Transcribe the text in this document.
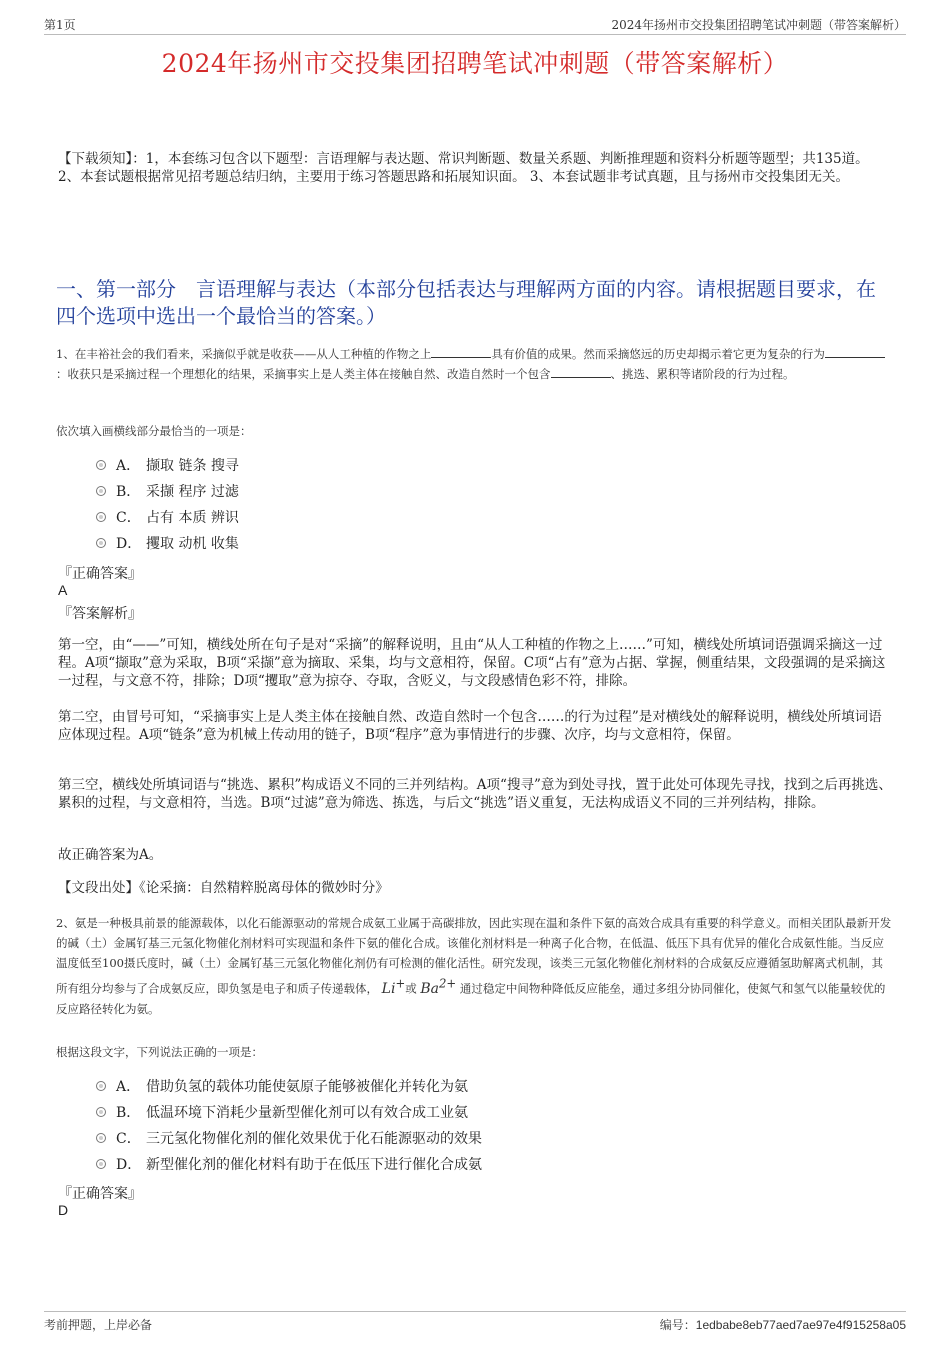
第1页	2024年扬州市交投集团招聘笔试冲刺题（带答案解析）
2024年扬州市交投集团招聘笔试冲刺题（带答案解析）
【下载须知】：1，本套练习包含以下题型：言语理解与表达题、常识判断题、数量关系题、判断推理题和资料分析题等题型；共135道。 2、本套试题根据常见招考题总结归纳，主要用于练习答题思路和拓展知识面。 3、本套试题非考试真题，且与扬州市交投集团无关。
一、第一部分　言语理解与表达（本部分包括表达与理解两方面的内容。请根据题目要求，在四个选项中选出一个最恰当的答案。）
1、在丰裕社会的我们看来，采摘似乎就是收获——从人工种植的作物之上	具有价值的成果。然而采摘悠远的历史却揭示着它更为复杂的行为：收获只是采摘过程一个理想化的结果，采摘事实上是人类主体在接触自然、改造自然时一个包含	、挑选、累积等诸阶段的行为过程。
依次填入画横线部分最恰当的一项是：
A． 撷取 链条 搜寻
B． 采撷 程序 过滤
C． 占有 本质 辨识
D． 攫取 动机 收集
『正确答案』
A
『答案解析』
第一空，由“——”可知，横线处所在句子是对“采摘”的解释说明，且由“从人工种植的作物之上……”可知，横线处所填词语强调采摘这一过程。A项“撷取”意为采取，B项“采撷”意为摘取、采集，均与文意相符，保留。C项“占有”意为占据、掌握，侧重结果，文段强调的是采摘这一过程，与文意不符，排除；D项“攫取”意为掠夺、夺取，含贬义，与文段感情色彩不符，排除。
第二空，由冒号可知，“采摘事实上是人类主体在接触自然、改造自然时一个包含……的行为过程”是对横线处的解释说明，横线处所填词语应体现过程。A项“链条”意为机械上传动用的链子，B项“程序”意为事情进行的步骤、次序，均与文意相符，保留。
第三空，横线处所填词语与“挑选、累积”构成语义不同的三并列结构。A项“搜寻”意为到处寻找，置于此处可体现先寻找，找到之后再挑选、累积的过程，与文意相符，当选。B项“过滤”意为筛选、拣选，与后文“挑选”语义重复，无法构成语义不同的三并列结构，排除。
故正确答案为A。
【文段出处】《论采摘：自然精粹脱离母体的微妙时分》
2、氨是一种极具前景的能源载体，以化石能源驱动的常规合成氨工业属于高碳排放，因此实现在温和条件下氨的高效合成具有重要的科学意义。而相关团队最新开发的碱（土）金属钌基三元氢化物催化剂材料可实现温和条件下氨的催化合成。该催化剂材料是一种离子化合物，在低温、低压下具有优异的催化合成氨性能。当反应温度低至100摄氏度时，碱（土）金属钌基三元氢化物催化剂仍有可检测的催化活性。研究发现，该类三元氢化物催化剂材料的合成氨反应遵循氢助解离式机制，其所有组分均参与了合成氨反应，即负氢是电子和质子传递载体， Li+或 $Ba^{2+}$ 通过稳定中间物种降低反应能垒，通过多组分协同催化，使氮气和氢气以能量较优的反应路径转化为氨。
根据这段文字，下列说法正确的一项是：
A． 借助负氢的载体功能使氨原子能够被催化并转化为氨
B． 低温环境下消耗少量新型催化剂可以有效合成工业氨
C． 三元氢化物催化剂的催化效果优于化石能源驱动的效果
D． 新型催化剂的催化材料有助于在低压下进行催化合成氨
『正确答案』
D
考前押题，上岸必备	编号：1edbabe8eb77aed7ae97e4f915258a05
